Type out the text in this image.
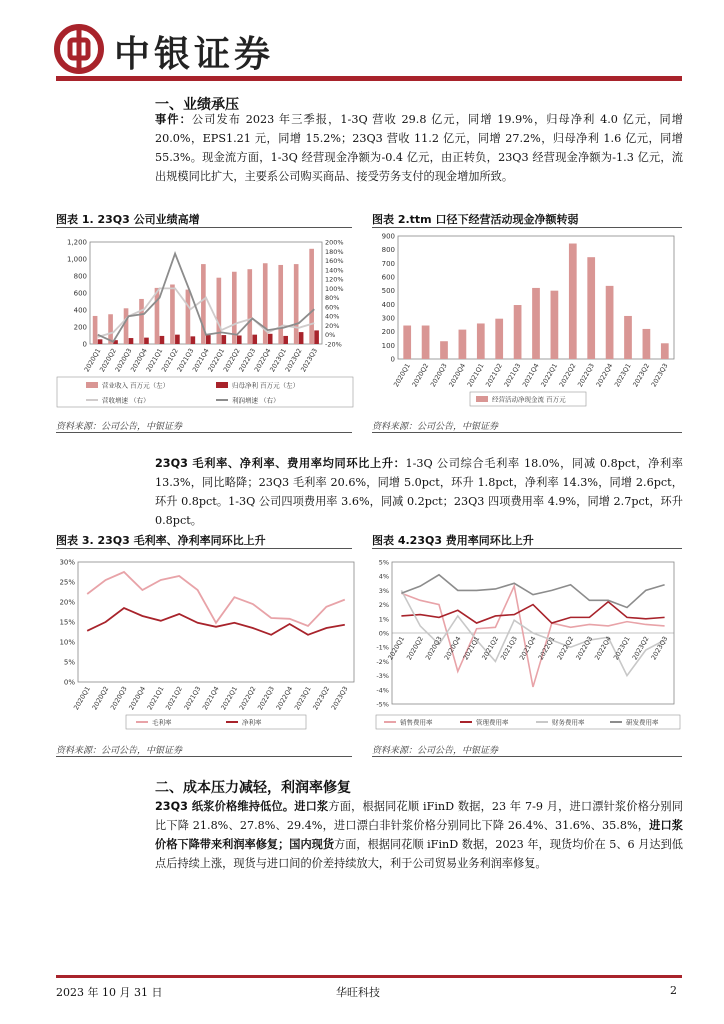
中银证券
一、业绩承压
事件：公司发布 2023 年三季报，1-3Q 营收 29.8 亿元，同增 19.9%，归母净利 4.0 亿元，同增 20.0%，EPS1.21 元，同增 15.2%；23Q3 营收 11.2 亿元，同增 27.2%，归母净利 1.6 亿元，同增 55.3%。现金流方面，1-3Q 经营现金净额为-0.4 亿元，由正转负，23Q3 经营现金净额为-1.3 亿元，流出规模同比扩大，主要系公司购买商品、接受劳务支付的现金增加所致。
图表 1. 23Q3 公司业绩高增	图表 2.ttm 口径下经营活动现金净额转弱
0
200
400
600
800
1,000
1,200
-20%
0%
20%
40%
60%
80%
100%
120%
140%
160%
180%
200%
2020Q1
2020Q2
2020Q3
2020Q4
2021Q1
2021Q2
2021Q3
2021Q4
2022Q1
2022Q2
2022Q3
2022Q4
2023Q1
2023Q2
2023Q3
营业收入 百万元（左）	归母净利 百万元（左）
营收增速 （右）	利润增速 （右）
0
100
200
300
400
500
600
700
800
900
2020Q1
2020Q2
2020Q3
2020Q4
2021Q1
2021Q2
2021Q3
2021Q4
2022Q1
2022Q2
2022Q3
2022Q4
2023Q1
2023Q2
2023Q3
经营活动净现金流 百万元
资料来源：公司公告，中银证券	资料来源：公司公告，中银证券
23Q3 毛利率、净利率、费用率均同环比上升：1-3Q 公司综合毛利率 18.0%，同减 0.8pct，净利率 13.3%，同比略降；23Q3 毛利率 20.6%，同增 5.0pct，环升 1.8pct，净利率 14.3%，同增 2.6pct，环升 0.8pct。1-3Q 公司四项费用率 3.6%，同减 0.2pct；23Q3 四项费用率 4.9%，同增 2.7pct，环升 0.8pct。
图表 3. 23Q3 毛利率、净利率同环比上升	图表 4.23Q3 费用率同环比上升
0%
5%
10%
15%
20%
25%
30%
2020Q1
2020Q2
2020Q3
2020Q4
2021Q1
2021Q2
2021Q3
2021Q4
2022Q1
2022Q2
2022Q3
2022Q4
2023Q1
2023Q2
2023Q3
毛利率	净利率
-5%
-4%
-3%
-2%
-1%
0%
1%
2%
3%
4%
5%
2020Q1
2020Q2
2020Q3
2020Q4
2021Q1
2021Q2
2021Q3
2021Q4
2022Q1
2022Q2
2022Q3
2022Q4
2023Q1
2023Q2
2023Q3
销售费用率	管理费用率	财务费用率	研发费用率
资料来源：公司公告，中银证券	资料来源：公司公告，中银证券
二、成本压力减轻，利润率修复
23Q3 纸浆价格维持低位。进口浆方面，根据同花顺 iFinD 数据，23 年 7-9 月，进口漂针浆价格分别同比下降 21.8%、27.8%、29.4%，进口漂白非针浆价格分别同比下降 26.4%、31.6%、35.8%，进口浆价格下降带来利润率修复；国内现货方面，根据同花顺 iFinD 数据，2023 年，现货均价在 5、6 月达到低点后持续上涨，现货与进口间的价差持续放大，利于公司贸易业务利润率修复。
2023 年 10 月 31 日	华旺科技	2
